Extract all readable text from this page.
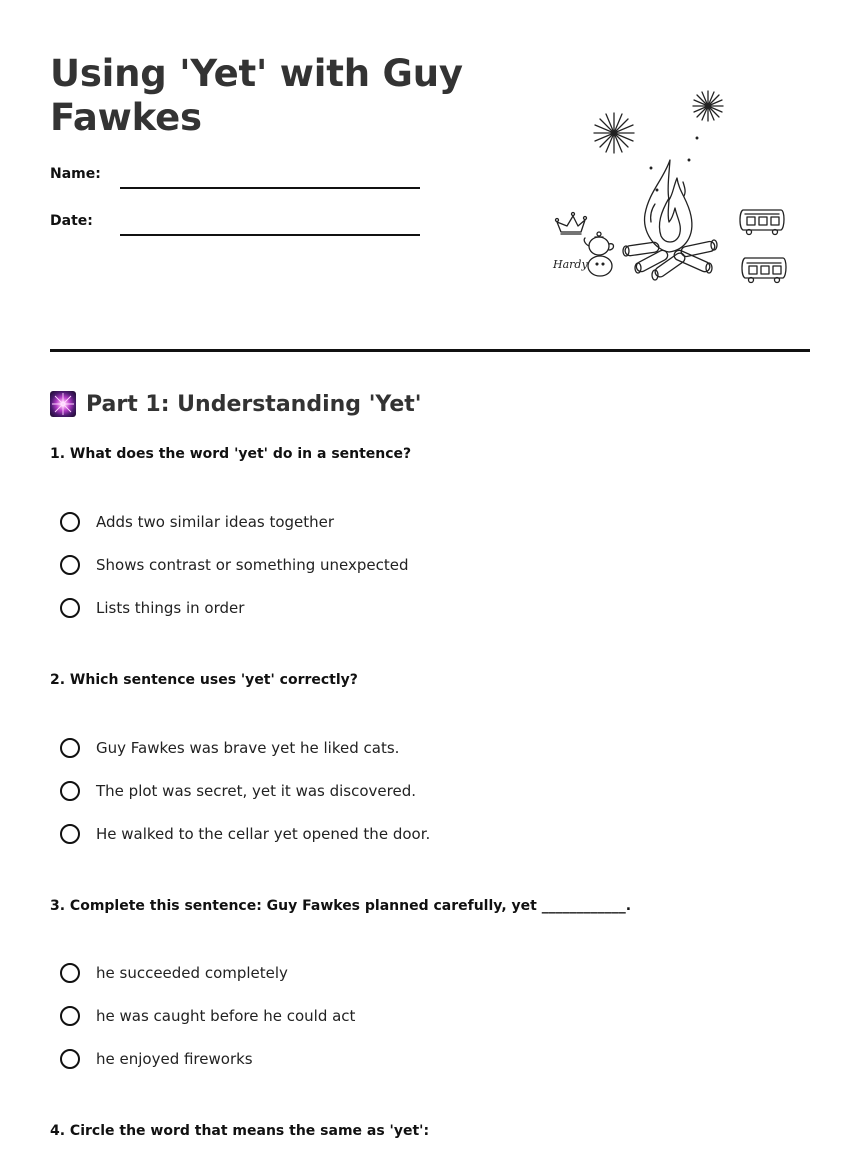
Using 'Yet' with Guy Fawkes
Name:
Date:
Hardy
Part 1: Understanding 'Yet'
1. What does the word 'yet' do in a sentence?
Adds two similar ideas together
Shows contrast or something unexpected
Lists things in order
2. Which sentence uses 'yet' correctly?
Guy Fawkes was brave yet he liked cats.
The plot was secret, yet it was discovered.
He walked to the cellar yet opened the door.
3. Complete this sentence: Guy Fawkes planned carefully, yet ____________.
he succeeded completely
he was caught before he could act
he enjoyed fireworks
4. Circle the word that means the same as 'yet':
